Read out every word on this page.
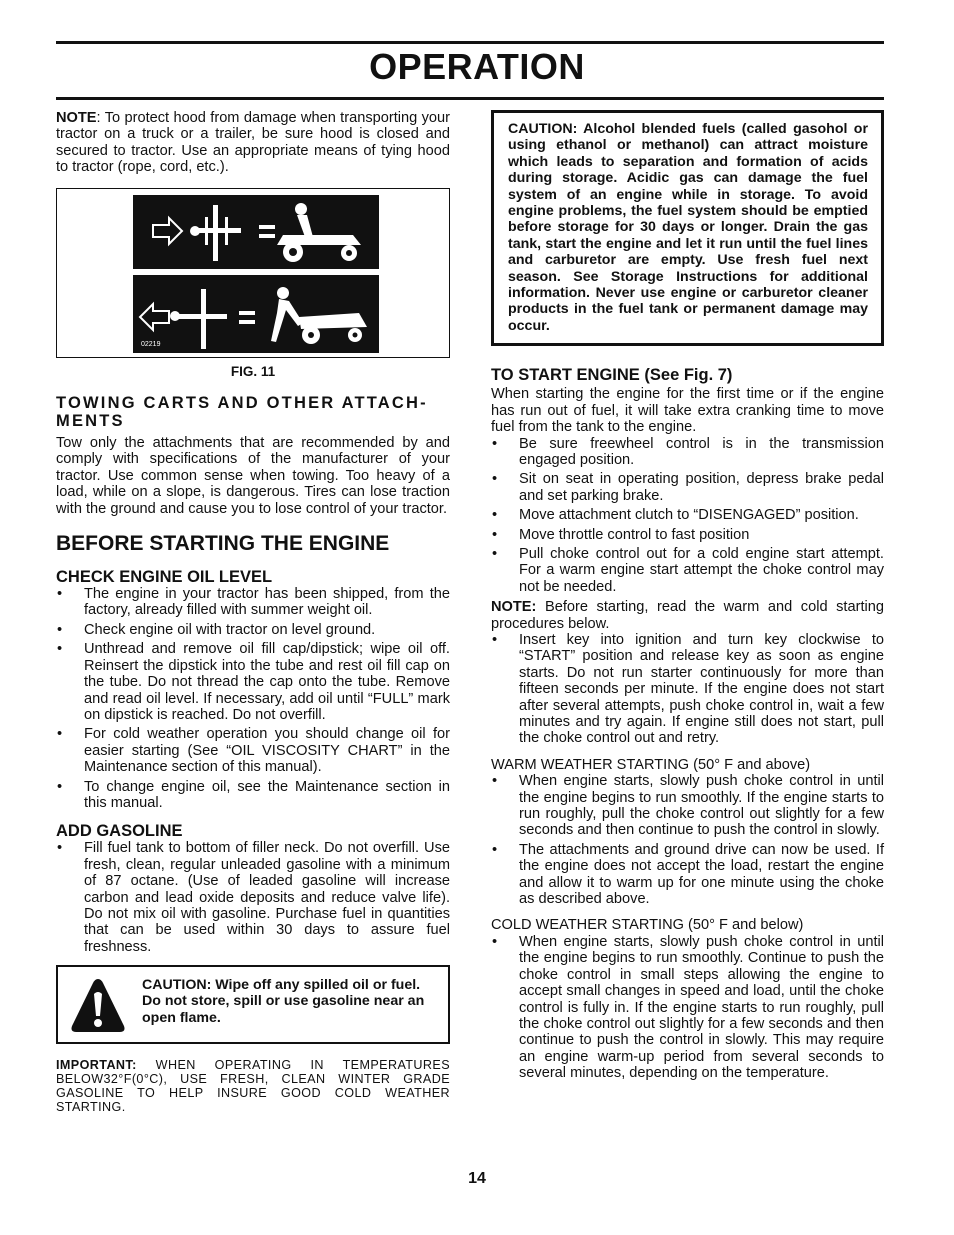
OPERATION

NOTE: To protect hood from damage when transporting your tractor on a truck or a trailer, be sure hood is closed and secured to tractor. Use an appropriate means of tying hood to tractor (rope, cord, etc.).

02219
FIG. 11
TOWING CARTS AND OTHER ATTACH- MENTS

Tow only the attachments that are recommended by and comply with specifications of the manufacturer of your tractor. Use common sense when towing. Too heavy of a load, while on a slope, is dangerous. Tires can lose traction with the ground and cause you to lose control of your tractor.

BEFORE STARTING THE ENGINE
CHECK ENGINE OIL LEVEL
• The engine in your tractor has been shipped, from the factory, already filled with summer weight oil.
• Check engine oil with tractor on level ground.
• Unthread and remove oil fill cap/dipstick; wipe oil off. Reinsert the dipstick into the tube and rest oil fill cap on the tube. Do not thread the cap onto the tube. Remove and read oil level. If necessary, add oil until “FULL” mark on dipstick is reached. Do not overfill.
• For cold weather operation you should change oil for easier starting (See “OIL VISCOSITY CHART” in the Maintenance section of this manual).
• To change engine oil, see the Maintenance section in this manual.
ADD GASOLINE
• Fill fuel tank to bottom of filler neck. Do not overfill. Use fresh, clean, regular unleaded gasoline with a minimum of 87 octane. (Use of leaded gasoline will increase carbon and lead oxide deposits and reduce valve life). Do not mix oil with gasoline. Purchase fuel in quantities that can be used within 30 days to assure fuel freshness.
CAUTION: Wipe off any spilled oil or fuel. Do not store, spill or use gasoline near an open flame.

IMPORTANT: WHEN OPERATING IN TEMPERATURES BELOW32°F(0°C), USE FRESH, CLEAN WINTER GRADE GASOLINE TO HELP INSURE GOOD COLD WEATHER STARTING.

CAUTION: Alcohol blended fuels (called gasohol or using ethanol or methanol) can attract moisture which leads to separation and formation of acids during storage. Acidic gas can damage the fuel system of an engine while in storage. To avoid engine problems, the fuel system should be emptied before storage for 30 days or longer. Drain the gas tank, start the engine and let it run until the fuel lines and carburetor are empty. Use fresh fuel next season. See Storage Instructions for additional information. Never use engine or carburetor cleaner products in the fuel tank or permanent damage may occur.
TO START ENGINE (See Fig. 7)

When starting the engine for the first time or if the engine has run out of fuel, it will take extra cranking time to move fuel from the tank to the engine.

• Be sure freewheel control is in the transmission engaged position.
• Sit on seat in operating position, depress brake pedal and set parking brake.
• Move attachment clutch to “DISENGAGED” position.
• Move throttle control to fast position
• Pull choke control out for a cold engine start attempt. For a warm engine start attempt the choke control may not be needed.

NOTE: Before starting, read the warm and cold starting procedures below.

• Insert key into ignition and turn key clockwise to “START” position and release key as soon as engine starts. Do not run starter continuously for more than fifteen seconds per minute. If the engine does not start after several attempts, push choke control in, wait a few minutes and try again. If engine still does not start, pull the choke control out and retry.

WARM WEATHER STARTING (50° F and above)

• When engine starts, slowly push choke control in until the engine begins to run smoothly. If the engine starts to run roughly, pull the choke control out slightly for a few seconds and then continue to push the control in slowly.
• The attachments and ground drive can now be used. If the engine does not accept the load, restart the engine and allow it to warm up for one minute using the choke as described above.

COLD WEATHER STARTING (50° F and below)

• When engine starts, slowly push choke control in until the engine begins to run smoothly. Continue to push the choke control in small steps allowing the engine to accept small changes in speed and load, until the choke control is fully in. If the engine starts to run roughly, pull the choke control out slightly for a few seconds and then continue to push the control in slowly. This may require an engine warm-up period from several seconds to several minutes, depending on the temperature.
14
